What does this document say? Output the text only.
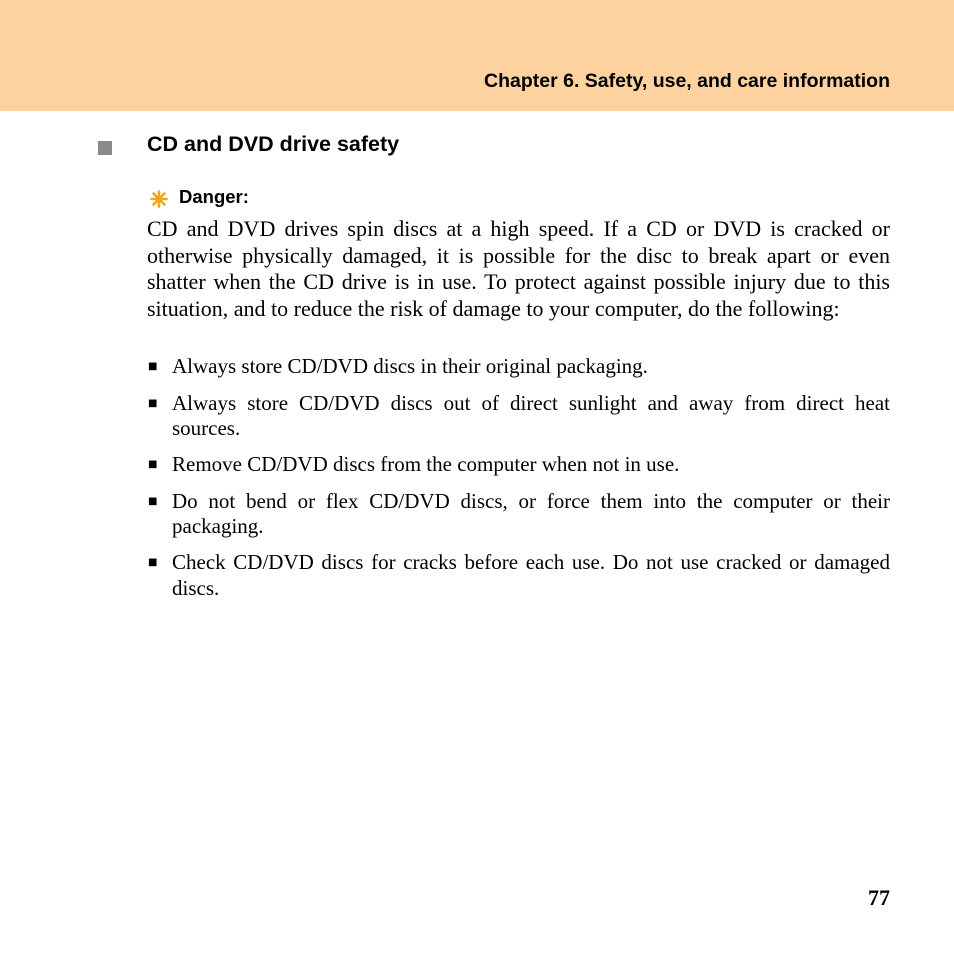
Chapter 6. Safety, use, and care information
CD and DVD drive safety
Danger:

CD and DVD drives spin discs at a high speed. If a CD or DVD is cracked or otherwise physically damaged, it is possible for the disc to break apart or even shatter when the CD drive is in use. To protect against possible injury due to this situation, and to reduce the risk of damage to your computer, do the following:

■ Always store CD/DVD discs in their original packaging.
■ Always store CD/DVD discs out of direct sunlight and away from direct heat sources.
■ Remove CD/DVD discs from the computer when not in use.
■ Do not bend or flex CD/DVD discs, or force them into the computer or their packaging.
■ Check CD/DVD discs for cracks before each use. Do not use cracked or damaged discs.
77
